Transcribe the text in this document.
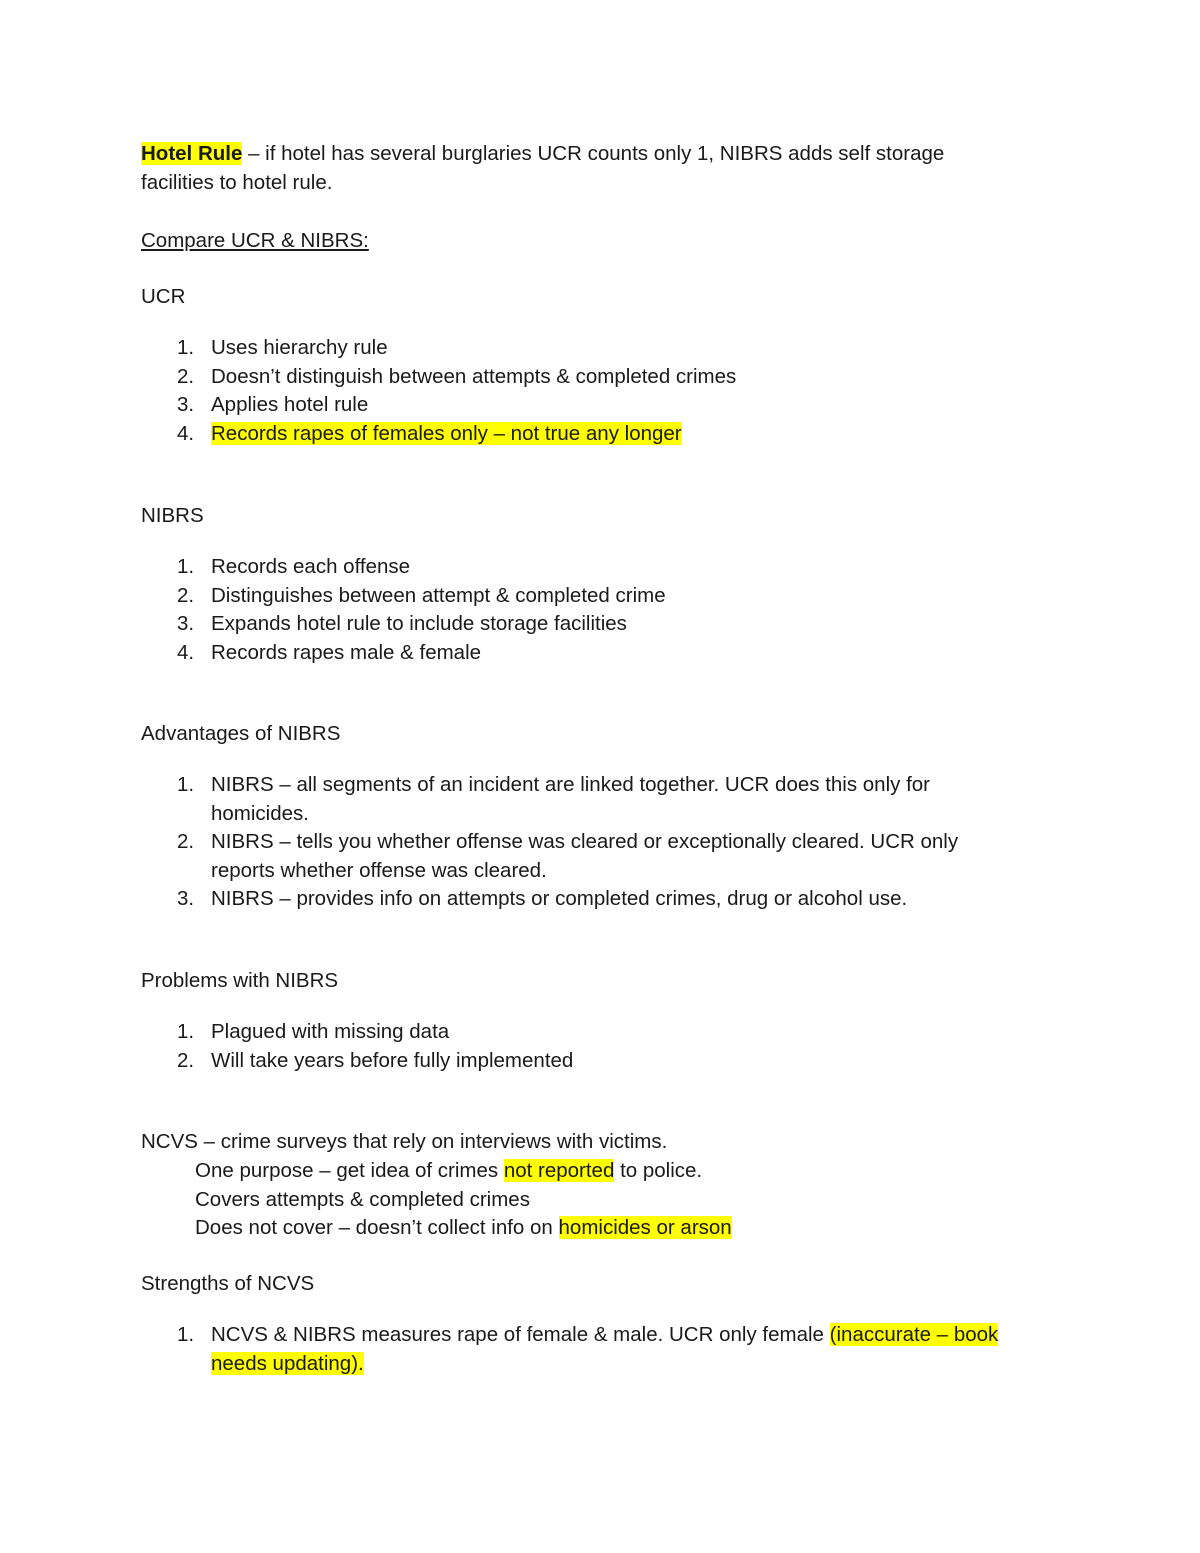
Hotel Rule – if hotel has several burglaries UCR counts only 1, NIBRS adds self storage
facilities to hotel rule.

Compare UCR & NIBRS:

UCR

1. Uses hierarchy rule
2. Doesn’t distinguish between attempts & completed crimes
3. Applies hotel rule
4. Records rapes of females only – not true any longer

NIBRS

1. Records each offense
2. Distinguishes between attempt & completed crime
3. Expands hotel rule to include storage facilities
4. Records rapes male & female

Advantages of NIBRS

1. NIBRS – all segments of an incident are linked together. UCR does this only for
homicides.
2. NIBRS – tells you whether offense was cleared or exceptionally cleared. UCR only
reports whether offense was cleared.
3. NIBRS – provides info on attempts or completed crimes, drug or alcohol use.

Problems with NIBRS

1. Plagued with missing data
2. Will take years before fully implemented

NCVS – crime surveys that rely on interviews with victims.

One purpose – get idea of crimes not reported to police.

Covers attempts & completed crimes

Does not cover – doesn’t collect info on homicides or arson

Strengths of NCVS

1. NCVS & NIBRS measures rape of female & male. UCR only female (inaccurate – book
needs updating).
